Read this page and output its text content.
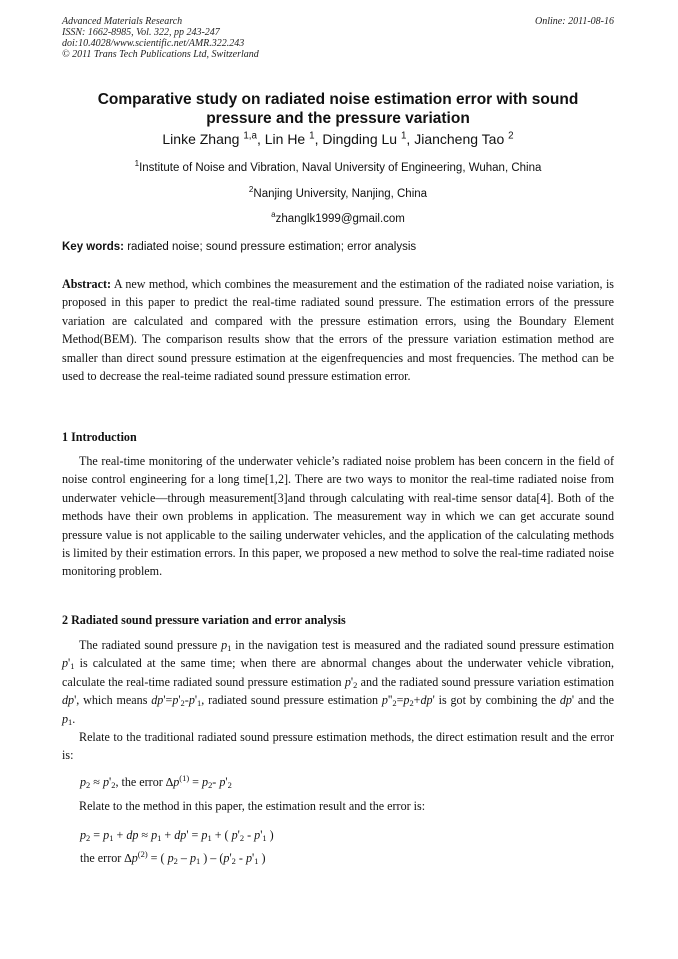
Advanced Materials Research
ISSN: 1662-8985, Vol. 322, pp 243-247
doi:10.4028/www.scientific.net/AMR.322.243
© 2011 Trans Tech Publications Ltd, Switzerland
Online: 2011-08-16
Comparative study on radiated noise estimation error with sound
pressure and the pressure variation
Linke Zhang $^{1,a}$, Lin He $^1$, Dingding Lu $^1$, Jiancheng Tao $^2$
$^1$Institute of Noise and Vibration, Naval University of Engineering, Wuhan, China
$^2$Nanjing University, Nanjing, China
$^a$zhanglk1999@gmail.com
Key words: radiated noise; sound pressure estimation; error analysis
Abstract: A new method, which combines the measurement and the estimation of the radiated noise variation, is proposed in this paper to predict the real-time radiated sound pressure. The estimation errors of the pressure variation are calculated and compared with the pressure estimation errors, using the Boundary Element Method(BEM). The comparison results show that the errors of the pressure variation estimation method are smaller than direct sound pressure estimation at the eigenfrequencies and most frequencies. The method can be used to decrease the real-teime radiated sound pressure estimation error.
1 Introduction
The real-time monitoring of the underwater vehicle’s radiated noise problem has been concern in the field of noise control engineering for a long time[1,2]. There are two ways to monitor the real-time radiated noise from underwater vehicle—through measurement[3]and through calculating with real-time sensor data[4]. Both of the methods have their own problems in application. The measurement way in which we can get accurate sound pressure value is not applicable to the sailing underwater vehicles, and the application of the calculating methods is limited by their estimation errors. In this paper, we proposed a new method to solve the real-time radiated noise monitoring problem.
2 Radiated sound pressure variation and error analysis
The radiated sound pressure $p_1$ in the navigation test is measured and the radiated sound pressure estimation $p'_1$ is calculated at the same time; when there are abnormal changes about the underwater vehicle vibration, calculate the real-time radiated sound pressure estimation $p'_2$ and the radiated sound pressure variation estimation dp', which means $dp'=p'_2-p'_1$, radiated sound pressure estimation $p''_2=p_2+dp'$ is got by combining the dp' and the $p_1$.
Relate to the traditional radiated sound pressure estimation methods, the direct estimation result and the error is:
$p_2 \approx p'_2$, the error $\Delta p^{(1)} = p_2-$ $p'_2$
Relate to the method in this paper, the estimation result and the error is:
$p_2 = p_1$ + dp ≈ $p_1 + dp' = p_1$ + ( $p'_2 - p'_1$ )
the error $\Delta p^{(2)}$ = ( $p_2 - p_1$ ) – ($p'_2 - p'_1$ )
